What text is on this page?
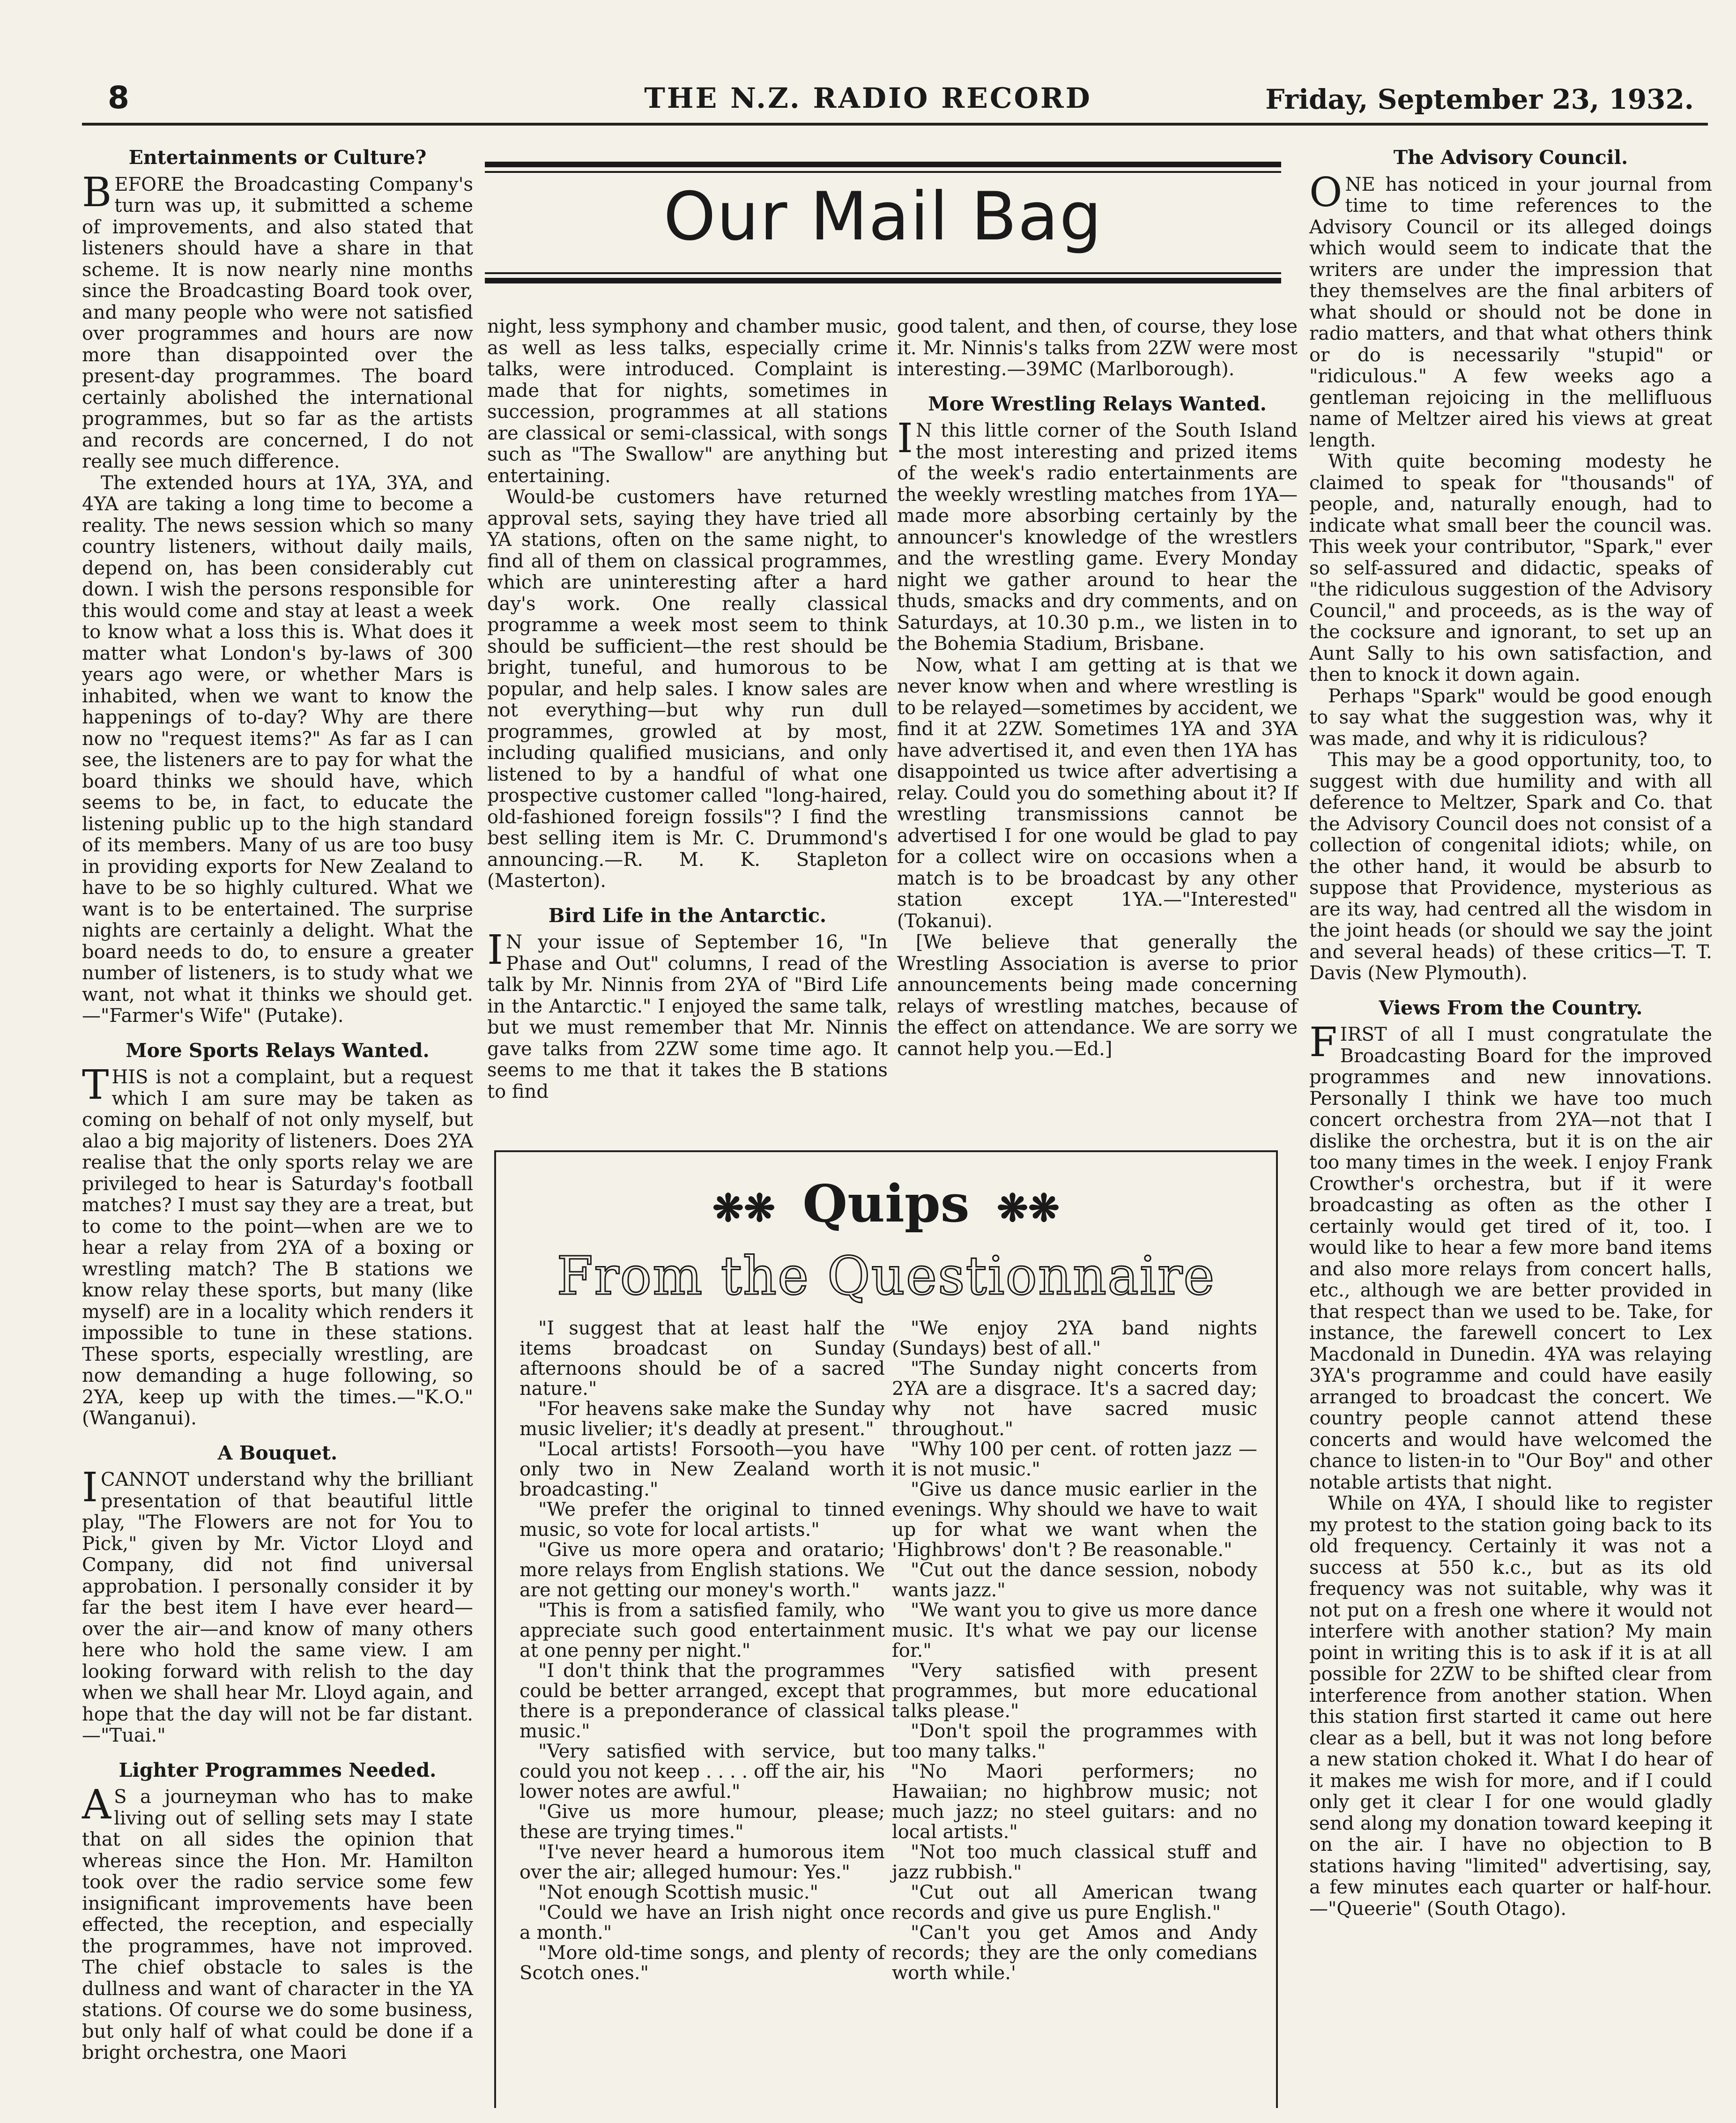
8	THE N.Z. RADIO RECORD	Friday, September 23, 1932.
Entertainments or Culture?

BEFORE the Broadcasting Company's turn was up, it submitted a scheme of improvements, and also stated that listeners should have a share in that scheme. It is now nearly nine months since the Broadcasting Board took over, and many people who were not satisfied over programmes and hours are now more than disappointed over the present-day programmes. The board certainly abolished the international programmes, but so far as the artists and records are concerned, I do not really see much difference.

The extended hours at 1YA, 3YA, and 4YA are taking a long time to become a reality. The news session which so many country listeners, without daily mails, depend on, has been considerably cut down. I wish the persons responsible for this would come and stay at least a week to know what a loss this is. What does it matter what London's by-laws of 300 years ago were, or whether Mars is inhabited, when we want to know the happenings of to-day? Why are there now no "request items?" As far as I can see, the listeners are to pay for what the board thinks we should have, which seems to be, in fact, to educate the listening public up to the high standard of its members. Many of us are too busy in providing exports for New Zealand to have to be so highly cultured. What we want is to be entertained. The surprise nights are certainly a delight. What the board needs to do, to ensure a greater number of listeners, is to study what we want, not what it thinks we should get.—"Farmer's Wife" (Putake).

More Sports Relays Wanted.

THIS is not a complaint, but a request which I am sure may be taken as coming on behalf of not only myself, but alao a big majority of listeners. Does 2YA realise that the only sports relay we are privileged to hear is Saturday's football matches? I must say they are a treat, but to come to the point—when are we to hear a relay from 2YA of a boxing or wrestling match? The B stations we know relay these sports, but many (like myself) are in a locality which renders it impossible to tune in these stations. These sports, especially wrestling, are now demanding a huge following, so 2YA, keep up with the times.—"K.O." (Wanganui).

A Bouquet.

ICANNOT understand why the brilliant presentation of that beautiful little play, "The Flowers are not for You to Pick," given by Mr. Victor Lloyd and Company, did not find universal approbation. I personally consider it by far the best item I have ever heard—over the air—and know of many others here who hold the same view. I am looking forward with relish to the day when we shall hear Mr. Lloyd again, and hope that the day will not be far distant.—"Tuai."

Lighter Programmes Needed.

AS a journeyman who has to make living out of selling sets may I state that on all sides the opinion that whereas since the Hon. Mr. Hamilton took over the radio service some few insignificant improvements have been effected, the reception, and especially the programmes, have not improved. The chief obstacle to sales is the dullness and want of character in the YA stations. Of course we do some business, but only half of what could be done if a bright orchestra, one Maori

Our Mail Bag

night, less symphony and chamber music, as well as less talks, especially crime talks, were introduced. Complaint is made that for nights, sometimes in succession, programmes at all stations are classical or semi-classical, with songs such as "The Swallow" are anything but entertaining.

Would-be customers have returned approval sets, saying they have tried all YA stations, often on the same night, to find all of them on classical programmes, which are uninteresting after a hard day's work. One really classical programme a week most seem to think should be sufficient—the rest should be bright, tuneful, and humorous to be popular, and help sales. I know sales are not everything—but why run dull programmes, growled at by most, including qualified musicians, and only listened to by a handful of what one prospective customer called "long-haired, old-fashioned foreign fossils"? I find the best selling item is Mr. C. Drummond's announcing.—R. M. K. Stapleton (Masterton).

Bird Life in the Antarctic.

IN your issue of September 16, "In Phase and Out" columns, I read of the talk by Mr. Ninnis from 2YA of "Bird Life in the Antarctic." I enjoyed the same talk, but we must remember that Mr. Ninnis gave talks from 2ZW some time ago. It seems to me that it takes the B stations to find

good talent, and then, of course, they lose it. Mr. Ninnis's talks from 2ZW were most interesting.—39MC (Marlborough).

More Wrestling Relays Wanted.

IN this little corner of the South Island the most interesting and prized items of the week's radio entertainments are the weekly wrestling matches from 1YA—made more absorbing certainly by the announcer's knowledge of the wrestlers and the wrestling game. Every Monday night we gather around to hear the thuds, smacks and dry comments, and on Saturdays, at 10.30 p.m., we listen in to the Bohemia Stadium, Brisbane.

Now, what I am getting at is that we never know when and where wrestling is to be relayed—sometimes by accident, we find it at 2ZW. Sometimes 1YA and 3YA have advertised it, and even then 1YA has disappointed us twice after advertising a relay. Could you do something about it? If wrestling transmissions cannot be advertised I for one would be glad to pay for a collect wire on occasions when a match is to be broadcast by any other station except 1YA.—"Interested" (Tokanui).

[We believe that generally the Wrestling Association is averse to prior announcements being made concerning relays of wrestling matches, because of the effect on attendance. We are sorry we cannot help you.—Ed.]

The Advisory Council.

ONE has noticed in your journal from time to time references to the Advisory Council or its alleged doings which would seem to indicate that the writers are under the impression that they themselves are the final arbiters of what should or should not be done in radio matters, and that what others think or do is necessarily "stupid" or "ridiculous." A few weeks ago a gentleman rejoicing in the mellifluous name of Meltzer aired his views at great length.

With quite becoming modesty he claimed to speak for "thousands" of people, and, naturally enough, had to indicate what small beer the council was. This week your contributor, "Spark," ever so self-assured and didactic, speaks of "the ridiculous suggestion of the Advisory Council," and proceeds, as is the way of the cocksure and ignorant, to set up an Aunt Sally to his own satisfaction, and then to knock it down again.

Perhaps "Spark" would be good enough to say what the suggestion was, why it was made, and why it is ridiculous?

This may be a good opportunity, too, to suggest with due humility and with all deference to Meltzer, Spark and Co. that the Advisory Council does not consist of a collection of congenital idiots; while, on the other hand, it would be absurb to suppose that Providence, mysterious as are its way, had centred all the wisdom in the joint heads (or should we say the joint and several heads) of these critics—T. T. Davis (New Plymouth).

Views From the Country.

FIRST of all I must congratulate the Broadcasting Board for the improved programmes and new innovations. Personally I think we have too much concert orchestra from 2YA—not that I dislike the orchestra, but it is on the air too many times in the week. I enjoy Frank Crowther's orchestra, but if it were broadcasting as often as the other I certainly would get tired of it, too. I would like to hear a few more band items and also more relays from concert halls, etc., although we are better provided in that respect than we used to be. Take, for instance, the farewell concert to Lex Macdonald in Dunedin. 4YA was relaying 3YA's programme and could have easily arranged to broadcast the concert. We country people cannot attend these concerts and would have welcomed the chance to listen-in to "Our Boy" and other notable artists that night.

While on 4YA, I should like to register my protest to the station going back to its old frequency. Certainly it was not a success at 550 k.c., but as its old frequency was not suitable, why was it not put on a fresh one where it would not interfere with another station? My main point in writing this is to ask if it is at all possible for 2ZW to be shifted clear from interference from another station. When this station first started it came out here clear as a bell, but it was not long before a new station choked it. What I do hear of it makes me wish for more, and if I could only get it clear I for one would gladly send along my donation toward keeping it on the air. I have no objection to B stations having "limited" advertising, say, a few minutes each quarter or half-hour.—"Queerie" (South Otago).

❋❋ Quips ❋❋
From the Questionnaire

"I suggest that at least half the items broadcast on Sunday afternoons should be of a sacred nature."

"For heavens sake make the Sunday music livelier; it's deadly at present."

"Local artists! Forsooth—you have only two in New Zealand worth broadcasting."

"We prefer the original to tinned music, so vote for local artists."

"Give us more opera and oratario; more relays from English stations. We are not getting our money's worth."

"This is from a satisfied family, who appreciate such good entertainment at one penny per night."

"I don't think that the programmes could be better arranged, except that there is a preponderance of classical music."

"Very satisfied with service, but could you not keep . . . . off the air, his lower notes are awful."

"Give us more humour, please; these are trying times."

"I've never heard a humorous item over the air; alleged humour: Yes."

"Not enough Scottish music."

"Could we have an Irish night once a month."

"More old-time songs, and plenty of Scotch ones."

"We enjoy 2YA band nights (Sundays) best of all."

"The Sunday night concerts from 2YA are a disgrace. It's a sacred day; why not have sacred music throughout."

"Why 100 per cent. of rotten jazz —it is not music."

"Give us dance music earlier in the evenings. Why should we have to wait up for what we want when the 'Highbrows' don't ? Be reasonable."

"Cut out the dance session, nobody wants jazz."

"We want you to give us more dance music. It's what we pay our license for."

"Very satisfied with present programmes, but more educational talks please."

"Don't spoil the programmes with too many talks."

"No Maori performers; no Hawaiian; no highbrow music; not much jazz; no steel guitars: and no local artists."

"Not too much classical stuff and jazz rubbish."

"Cut out all American twang records and give us pure English."

"Can't you get Amos and Andy records; they are the only comedians worth while.'
